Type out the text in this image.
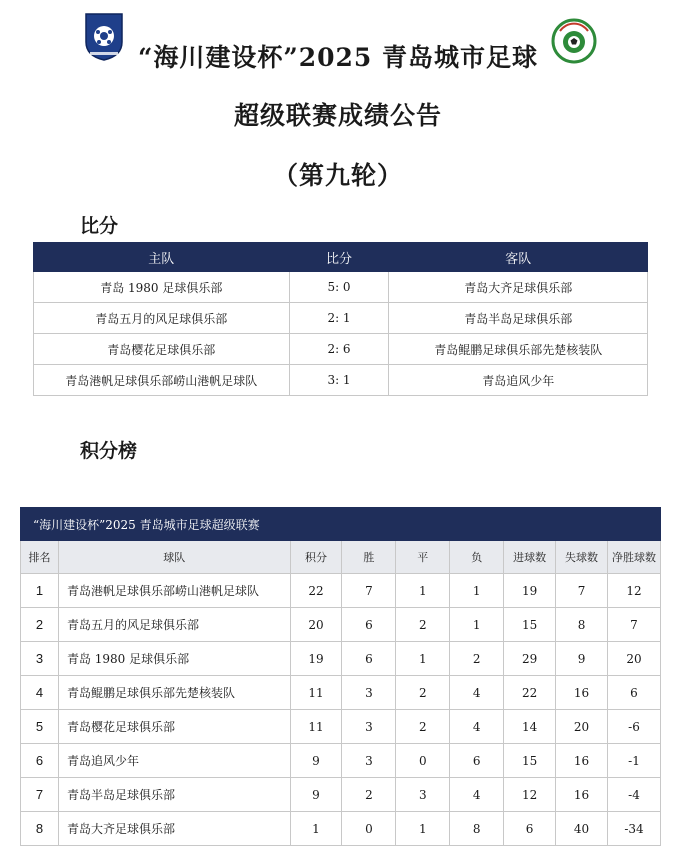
“海川建设杯”2025 青岛城市足球
超级联赛成绩公告
（第九轮）
比分
主队	比分	客队
青岛 1980 足球俱乐部	5: 0	青岛大齐足球俱乐部
青岛五月的风足球俱乐部	2: 1	青岛半岛足球俱乐部
青岛樱花足球俱乐部	2: 6	青岛鲲鹏足球俱乐部先楚核装队
青岛港帆足球俱乐部崂山港帆足球队	3: 1	青岛追风少年
积分榜
“海川建设杯”2025 青岛城市足球超级联赛								
排名	球队	积分	胜	平	负	进球数	失球数	净胜球数
1	青岛港帆足球俱乐部崂山港帆足球队	22	7	1	1	19	7	12
2	青岛五月的风足球俱乐部	20	6	2	1	15	8	7
3	青岛 1980 足球俱乐部	19	6	1	2	29	9	20
4	青岛鲲鹏足球俱乐部先楚核装队	11	3	2	4	22	16	6
5	青岛樱花足球俱乐部	11	3	2	4	14	20	-6
6	青岛追风少年	9	3	0	6	15	16	-1
7	青岛半岛足球俱乐部	9	2	3	4	12	16	-4
8	青岛大齐足球俱乐部	1	0	1	8	6	40	-34
